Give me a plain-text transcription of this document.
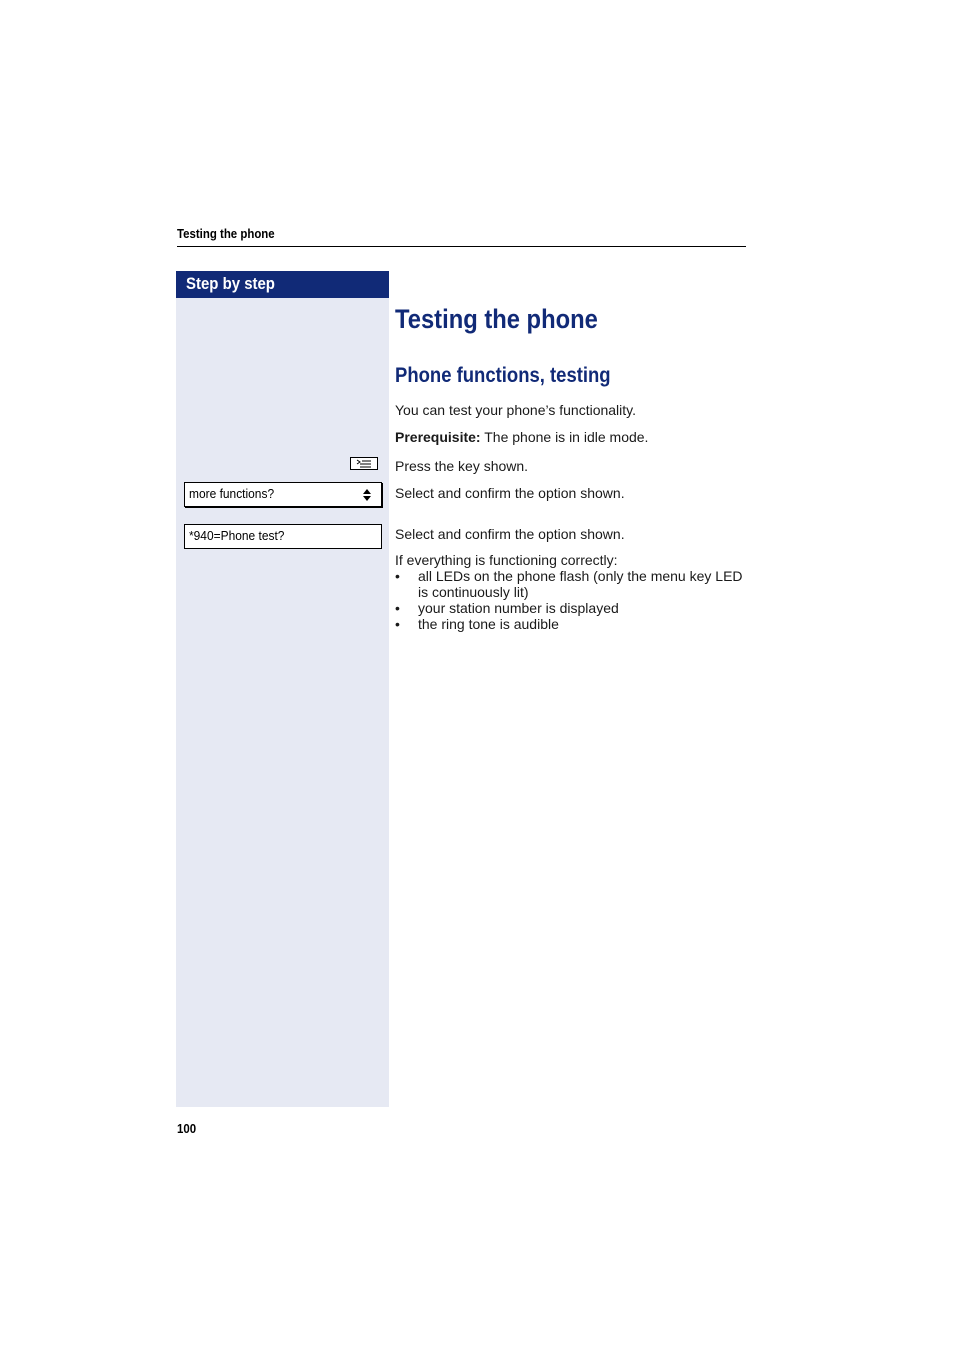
Testing the phone
Step by step
more functions?
*940=Phone test?
Testing the phone
Phone functions, testing
You can test your phone’s functionality.
Prerequisite: The phone is in idle mode.
Press the key shown.
Select and confirm the option shown.
Select and confirm the option shown.
If everything is functioning correctly:
• all LEDs on the phone flash (only the menu key LED
is continuously lit)
• your station number is displayed
• the ring tone is audible
100
